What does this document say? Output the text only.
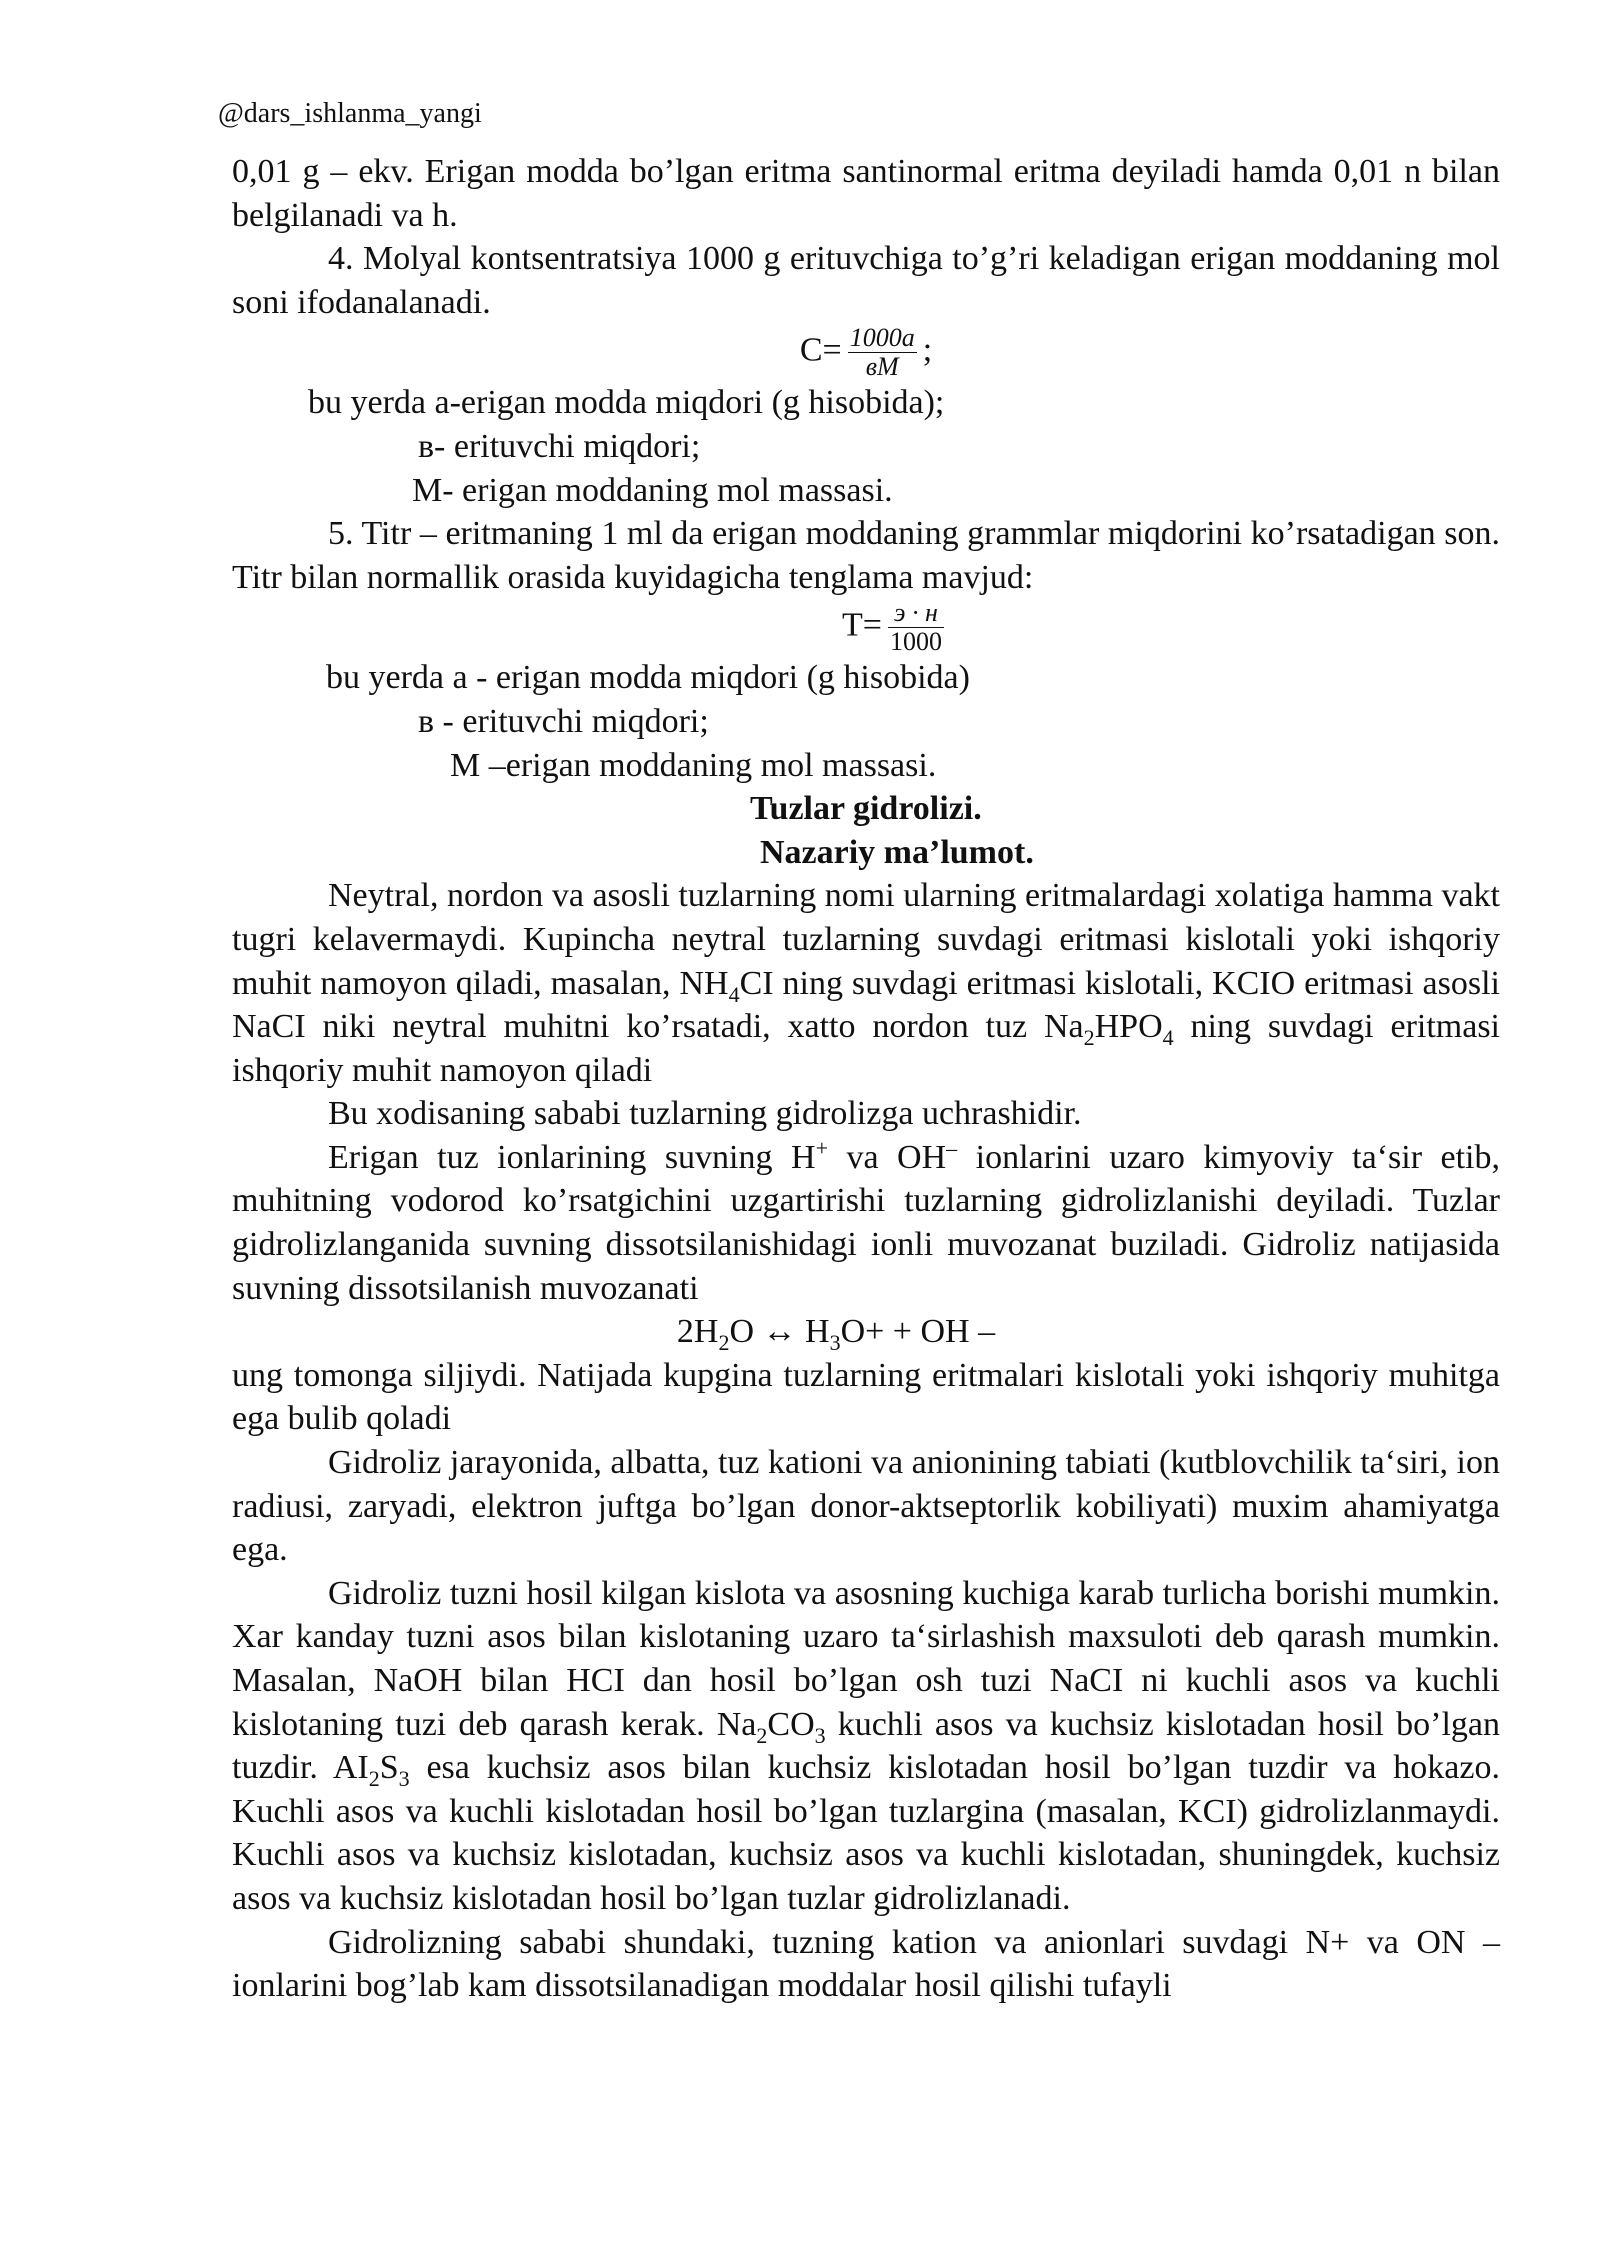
@dars_ishlanma_yangi

0,01 g – ekv. Erigan modda bo’lgan eritma santinormal eritma deyiladi hamda 0,01 n bilan belgilanadi va h.

4. Molyal kontsentratsiya 1000 g erituvchiga to’g’ri keladigan erigan moddaning mol soni ifodanalanadi.

$C= \frac{1000a}{вM}$ ;

bu yerda a-erigan modda miqdori (g hisobida);

в- erituvchi miqdori;

M- erigan moddaning mol massasi.

5. Titr – eritmaning 1 ml da erigan moddaning grammlar miqdorini ko’rsatadigan son. Titr bilan normallik orasida kuyidagicha tenglama mavjud:

$T= \frac{э \cdot н}{1000}$

bu yerda a - erigan modda miqdori (g hisobida)

в - erituvchi miqdori;

M –erigan moddaning mol massasi.

Tuzlar gidrolizi.

Nazariy ma’lumot.

Neytral, nordon va asosli tuzlarning nomi ularning eritmalardagi xolatiga hamma vakt tugri kelavermaydi. Kupincha neytral tuzlarning suvdagi eritmasi kislotali yoki ishqoriy muhit namoyon qiladi, masalan, $NH_4CI$ ning suvdagi eritmasi kislotali, KCIO eritmasi asosli NaCI niki neytral muhitni ko’rsatadi, xatto nordon tuz $Na_2HPO_4$ ning suvdagi eritmasi ishqoriy muhit namoyon qiladi

Bu xodisaning sababi tuzlarning gidrolizga uchrashidir.

Erigan tuz ionlarining suvning H+ va OH– ionlarini uzaro kimyoviy ta‘sir etib, muhitning vodorod ko’rsatgichini uzgartirishi tuzlarning gidrolizlanishi deyiladi. Tuzlar gidrolizlanganida suvning dissotsilanishidagi ionli muvozanat buziladi. Gidroliz natijasida suvning dissotsilanish muvozanati

$2H_2O$ ↔ $H_3O+$ + OH –

ung tomonga siljiydi. Natijada kupgina tuzlarning eritmalari kislotali yoki ishqoriy muhitga ega bulib qoladi

Gidroliz jarayonida, albatta, tuz kationi va anionining tabiati (kutblovchilik ta‘siri, ion radiusi, zaryadi, elektron juftga bo’lgan donor-aktseptorlik kobiliyati) muxim ahamiyatga ega.

Gidroliz tuzni hosil kilgan kislota va asosning kuchiga karab turlicha borishi mumkin. Xar kanday tuzni asos bilan kislotaning uzaro ta‘sirlashish maxsuloti deb qarash mumkin. Masalan, NaOH bilan HCI dan hosil bo’lgan osh tuzi NaCI ni kuchli asos va kuchli kislotaning tuzi deb qarash kerak. $Na_2CO_3$ kuchli asos va kuchsiz kislotadan hosil bo’lgan tuzdir. $AI_2S_3$ esa kuchsiz asos bilan kuchsiz kislotadan hosil bo’lgan tuzdir va hokazo. Kuchli asos va kuchli kislotadan hosil bo’lgan tuzlargina (masalan, KCI) gidrolizlanmaydi. Kuchli asos va kuchsiz kislotadan, kuchsiz asos va kuchli kislotadan, shuningdek, kuchsiz asos va kuchsiz kislotadan hosil bo’lgan tuzlar gidrolizlanadi.

Gidrolizning sababi shundaki, tuzning kation va anionlari suvdagi N+ va ON – ionlarini bog’lab kam dissotsilanadigan moddalar hosil qilishi tufayli
